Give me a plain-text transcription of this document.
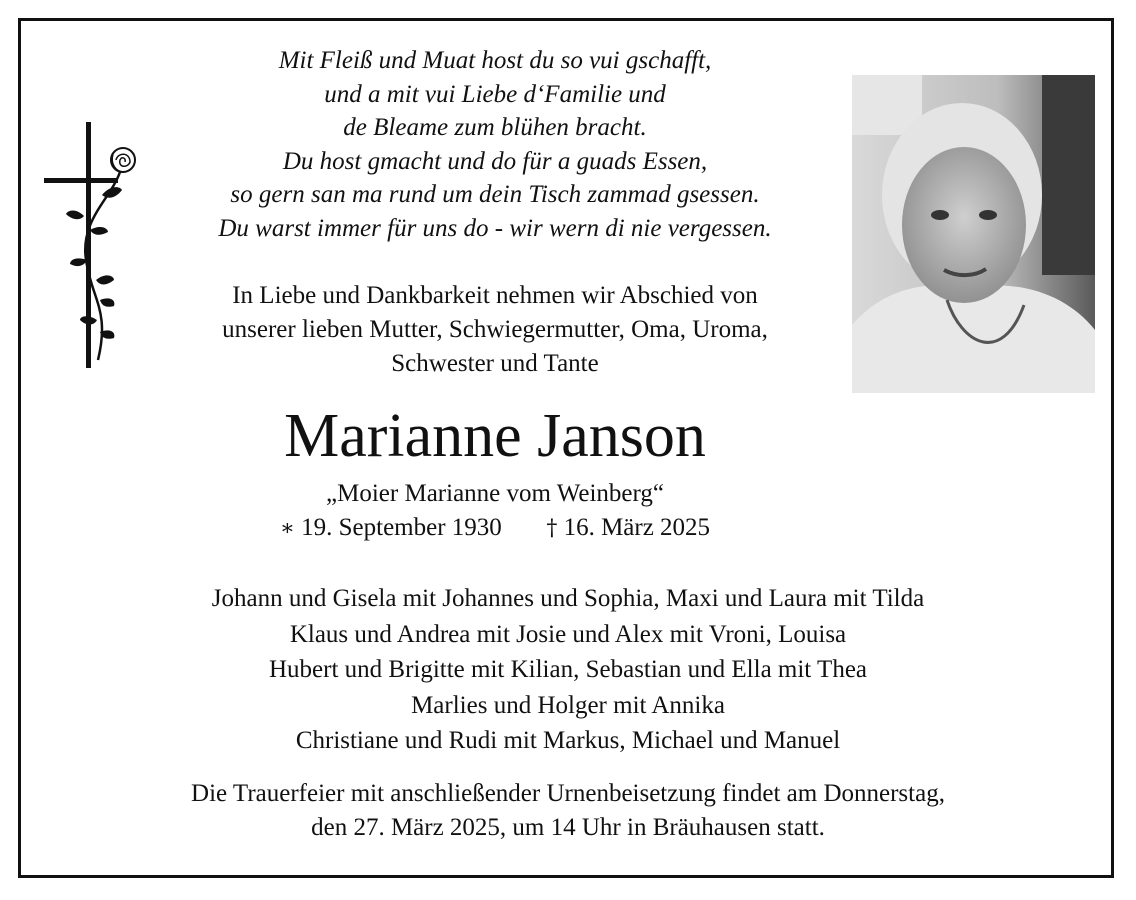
Mit Fleiß und Muat host du so vui gschafft,
und a mit vui Liebe d‘Familie und
de Bleame zum blühen bracht.
Du host gmacht und do für a guads Essen,
so gern san ma rund um dein Tisch zammad gsessen.
Du warst immer für uns do - wir wern di nie vergessen.
In Liebe und Dankbarkeit nehmen wir Abschied von
unserer lieben Mutter, Schwiegermutter, Oma, Uroma,
Schwester und Tante
Marianne Janson
„Moier Marianne vom Weinberg“
∗ 19. September 1930 † 16. März 2025
Johann und Gisela mit Johannes und Sophia, Maxi und Laura mit Tilda
Klaus und Andrea mit Josie und Alex mit Vroni, Louisa
Hubert und Brigitte mit Kilian, Sebastian und Ella mit Thea
Marlies und Holger mit Annika
Christiane und Rudi mit Markus, Michael und Manuel
Die Trauerfeier mit anschließender Urnenbeisetzung findet am Donnerstag,
den 27. März 2025, um 14 Uhr in Bräuhausen statt.
